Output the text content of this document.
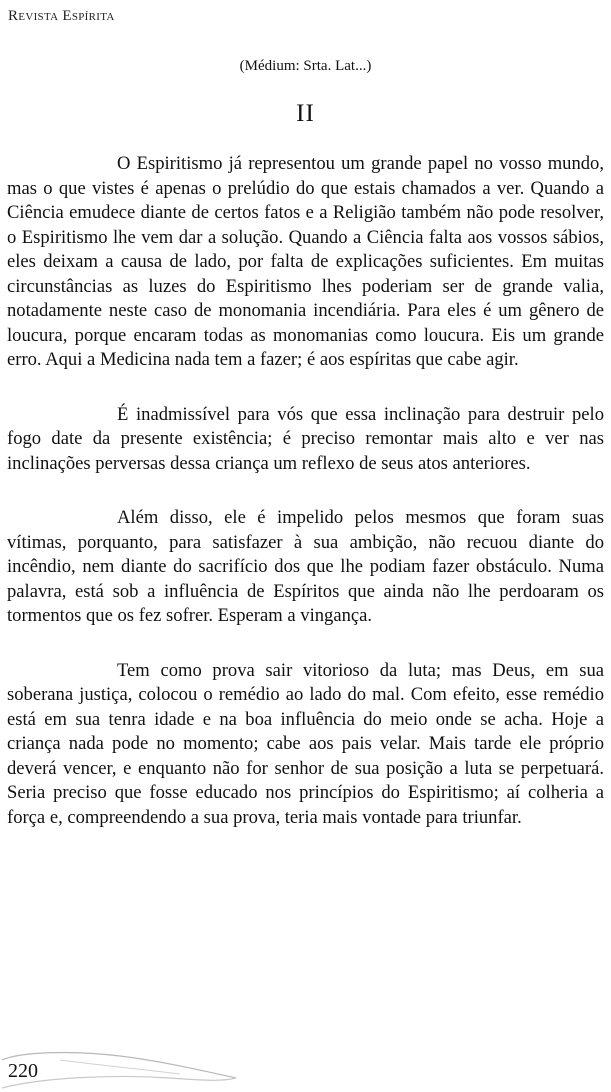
Revista Espírita
(Médium: Srta. Lat...)
II

O Espiritismo já representou um grande papel no vosso mundo, mas o que vistes é apenas o prelúdio do que estais chamados a ver. Quando a Ciência emudece diante de certos fatos e a Religião também não pode resolver, o Espiritismo lhe vem dar a solução. Quando a Ciência falta aos vossos sábios, eles deixam a causa de lado, por falta de explicações suficientes. Em muitas circunstâncias as luzes do Espiritismo lhes poderiam ser de grande valia, notadamente neste caso de monomania incendiária. Para eles é um gênero de loucura, porque encaram todas as monomanias como loucura. Eis um grande erro. Aqui a Medicina nada tem a fazer; é aos espíritas que cabe agir.

É inadmissível para vós que essa inclinação para destruir pelo fogo date da presente existência; é preciso remontar mais alto e ver nas inclinações perversas dessa criança um reflexo de seus atos anteriores.

Além disso, ele é impelido pelos mesmos que foram suas vítimas, porquanto, para satisfazer à sua ambição, não recuou diante do incêndio, nem diante do sacrifício dos que lhe podiam fazer obstáculo. Numa palavra, está sob a influência de Espíritos que ainda não lhe perdoaram os tormentos que os fez sofrer. Esperam a vingança.

Tem como prova sair vitorioso da luta; mas Deus, em sua soberana justiça, colocou o remédio ao lado do mal. Com efeito, esse remédio está em sua tenra idade e na boa influência do meio onde se acha. Hoje a criança nada pode no momento; cabe aos pais velar. Mais tarde ele próprio deverá vencer, e enquanto não for senhor de sua posição a luta se perpetuará. Seria preciso que fosse educado nos princípios do Espiritismo; aí colheria a força e, compreendendo a sua prova, teria mais vontade para triunfar.

220
